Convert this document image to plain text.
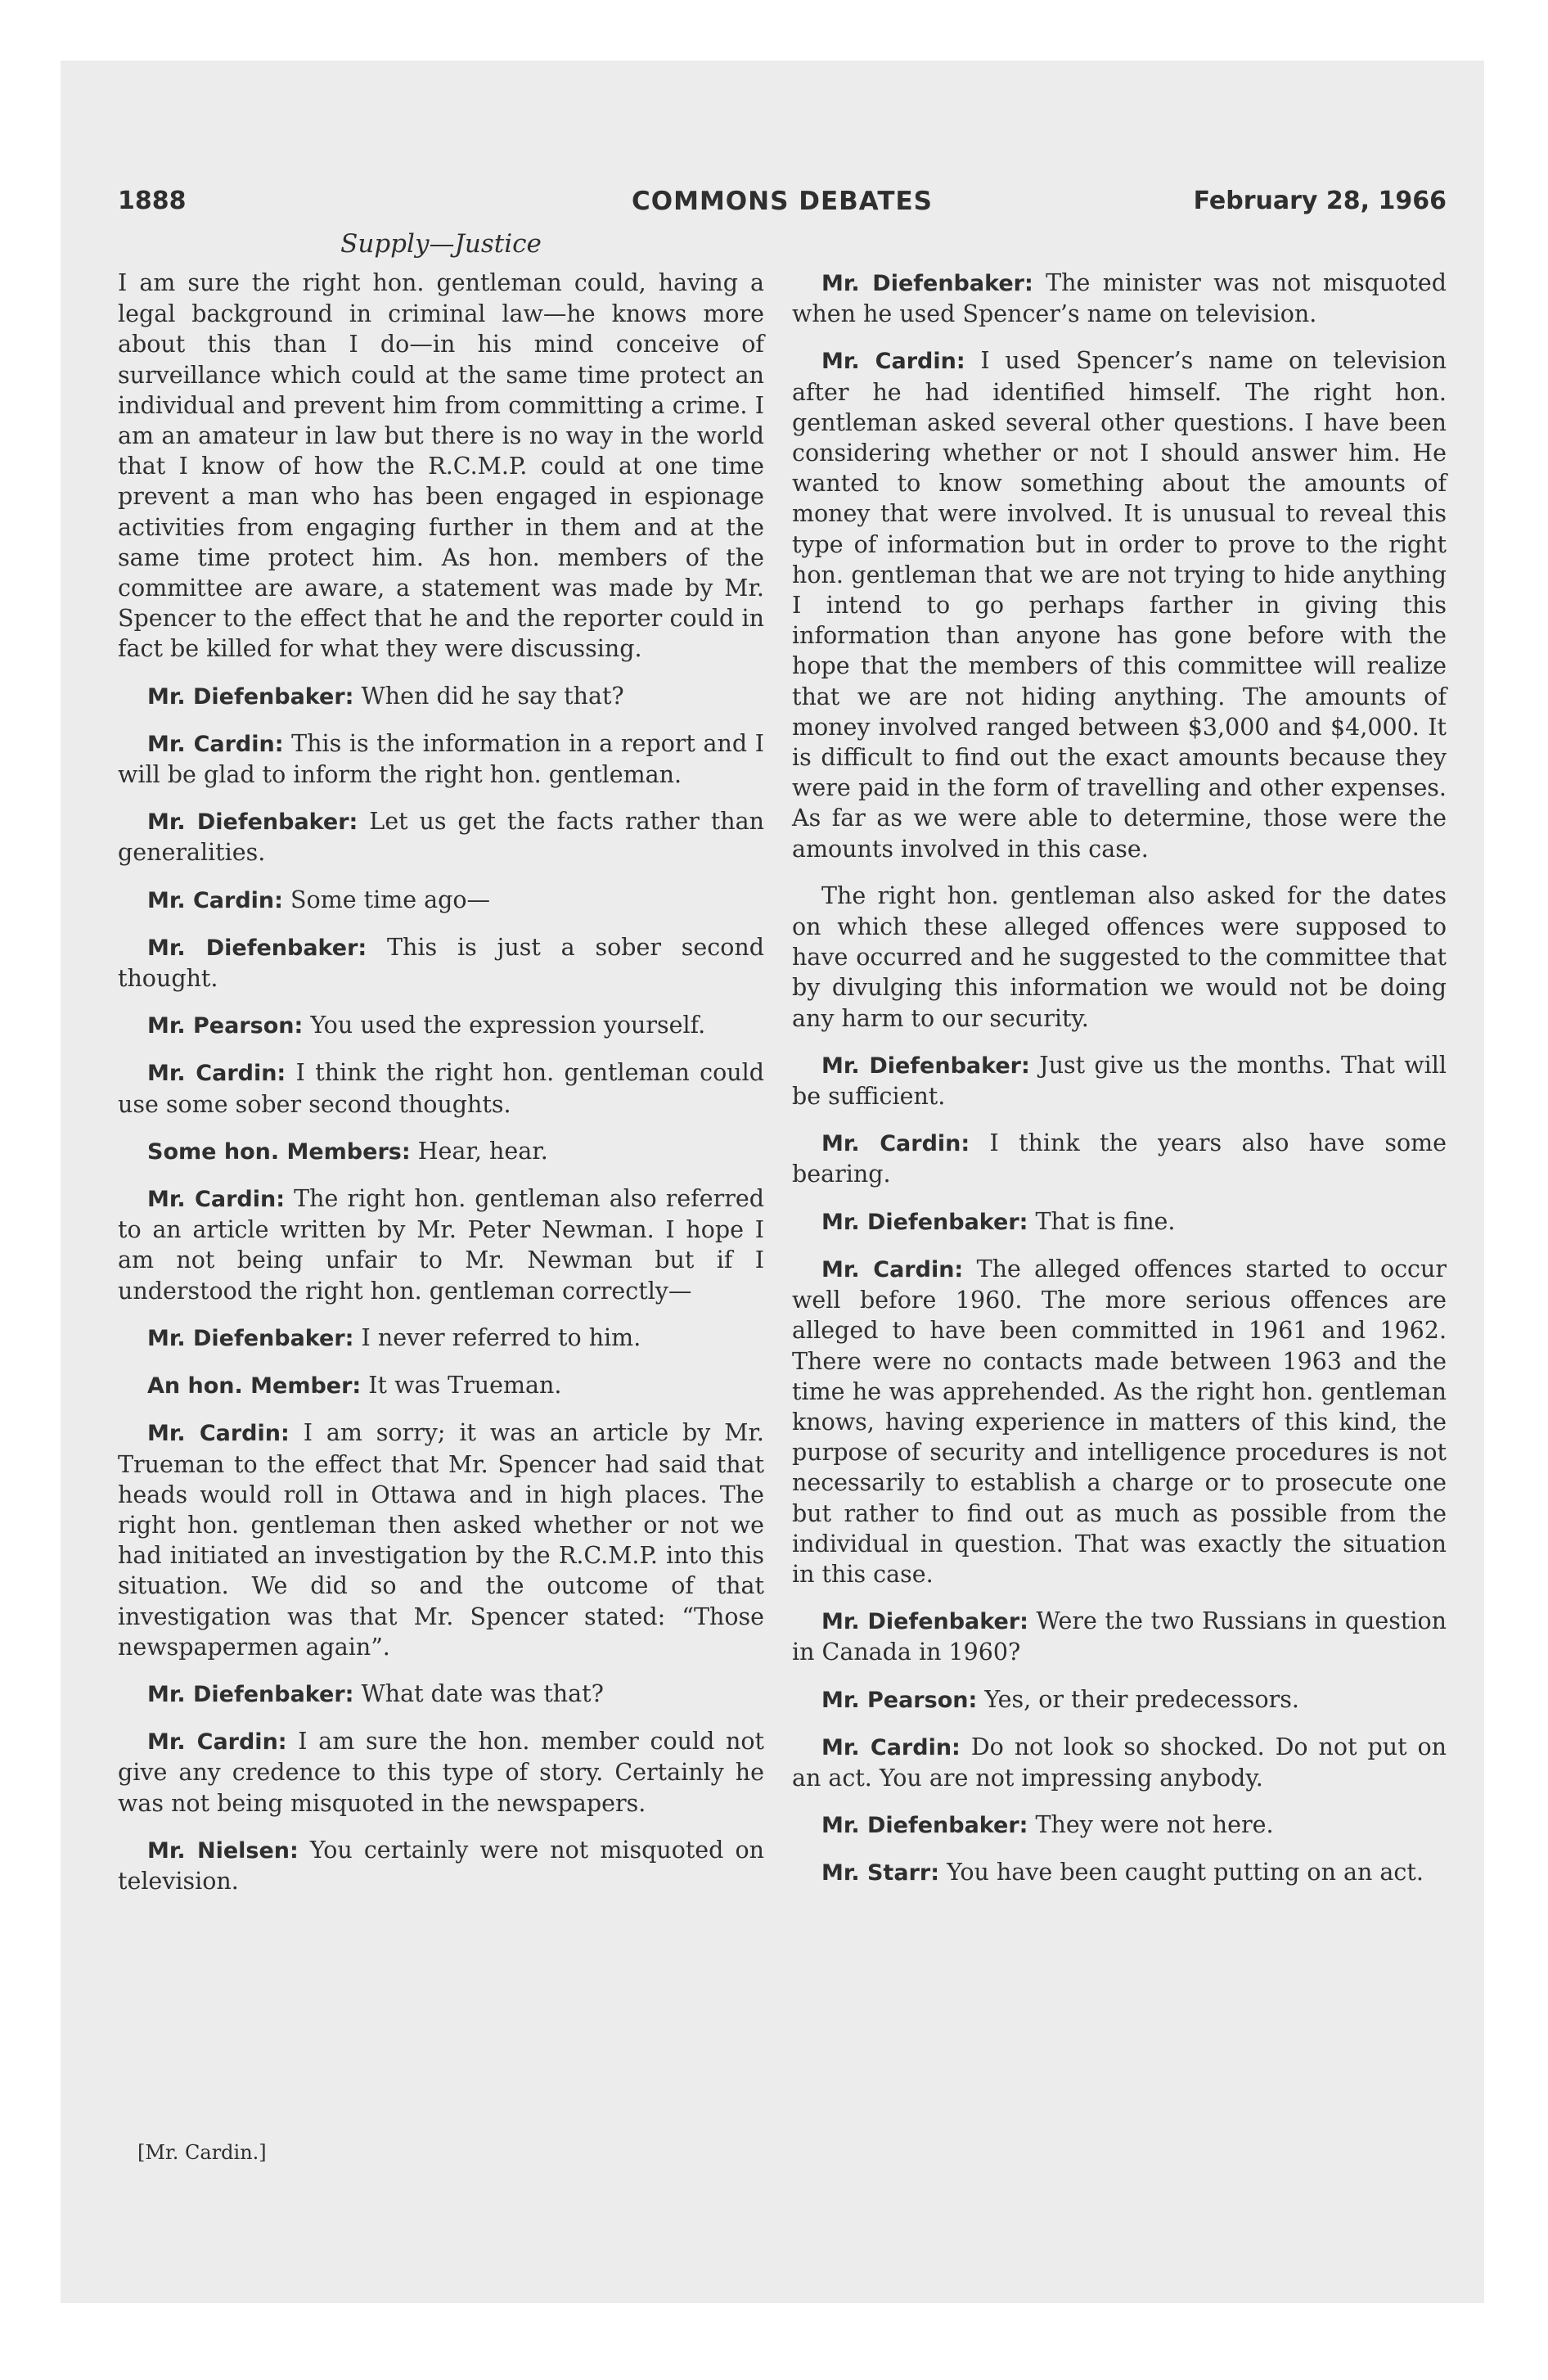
1888	COMMONS DEBATES	February 28, 1966
Supply—Justice

I am sure the right hon. gentleman could, having a legal background in criminal law—he knows more about this than I do—in his mind conceive of surveillance which could at the same time protect an individual and prevent him from committing a crime. I am an amateur in law but there is no way in the world that I know of how the R.C.M.P. could at one time prevent a man who has been engaged in espionage activities from engaging further in them and at the same time protect him. As hon. members of the committee are aware, a statement was made by Mr. Spencer to the effect that he and the reporter could in fact be killed for what they were discussing.

Mr. Diefenbaker: When did he say that?

Mr. Cardin: This is the information in a report and I will be glad to inform the right hon. gentleman.

Mr. Diefenbaker: Let us get the facts rather than generalities.

Mr. Cardin: Some time ago—

Mr. Diefenbaker: This is just a sober second thought.

Mr. Pearson: You used the expression yourself.

Mr. Cardin: I think the right hon. gentleman could use some sober second thoughts.

Some hon. Members: Hear, hear.

Mr. Cardin: The right hon. gentleman also referred to an article written by Mr. Peter Newman. I hope I am not being unfair to Mr. Newman but if I understood the right hon. gentleman correctly—

Mr. Diefenbaker: I never referred to him.

An hon. Member: It was Trueman.

Mr. Cardin: I am sorry; it was an article by Mr. Trueman to the effect that Mr. Spencer had said that heads would roll in Ottawa and in high places. The right hon. gentleman then asked whether or not we had initiated an investigation by the R.C.M.P. into this situation. We did so and the outcome of that investigation was that Mr. Spencer stated: “Those newspapermen again”.

Mr. Diefenbaker: What date was that?

Mr. Cardin: I am sure the hon. member could not give any credence to this type of story. Certainly he was not being misquoted in the newspapers.

Mr. Nielsen: You certainly were not misquoted on television.

Mr. Diefenbaker: The minister was not misquoted when he used Spencer’s name on television.

Mr. Cardin: I used Spencer’s name on television after he had identified himself. The right hon. gentleman asked several other questions. I have been considering whether or not I should answer him. He wanted to know something about the amounts of money that were involved. It is unusual to reveal this type of information but in order to prove to the right hon. gentleman that we are not trying to hide anything I intend to go perhaps farther in giving this information than anyone has gone before with the hope that the members of this committee will realize that we are not hiding anything. The amounts of money involved ranged between $3,000 and $4,000. It is difficult to find out the exact amounts because they were paid in the form of travelling and other expenses. As far as we were able to determine, those were the amounts involved in this case.

The right hon. gentleman also asked for the dates on which these alleged offences were supposed to have occurred and he suggested to the committee that by divulging this information we would not be doing any harm to our security.

Mr. Diefenbaker: Just give us the months. That will be sufficient.

Mr. Cardin: I think the years also have some bearing.

Mr. Diefenbaker: That is fine.

Mr. Cardin: The alleged offences started to occur well before 1960. The more serious offences are alleged to have been committed in 1961 and 1962. There were no contacts made between 1963 and the time he was apprehended. As the right hon. gentleman knows, having experience in matters of this kind, the purpose of security and intelligence procedures is not necessarily to establish a charge or to prosecute one but rather to find out as much as possible from the individual in question. That was exactly the situation in this case.

Mr. Diefenbaker: Were the two Russians in question in Canada in 1960?

Mr. Pearson: Yes, or their predecessors.

Mr. Cardin: Do not look so shocked. Do not put on an act. You are not impressing anybody.

Mr. Diefenbaker: They were not here.

Mr. Starr: You have been caught putting on an act.

[Mr. Cardin.]
